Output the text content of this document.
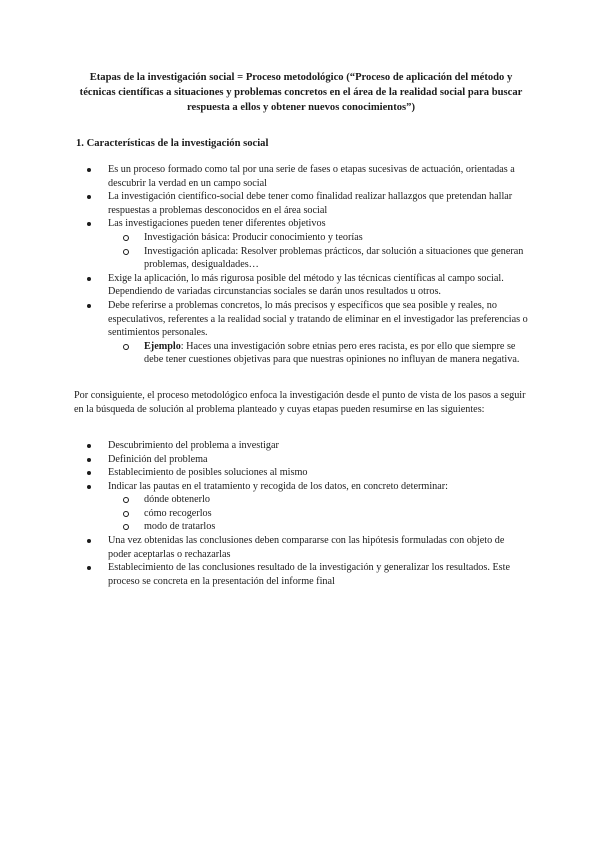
Etapas de la investigación social = Proceso metodológico (“Proceso de aplicación del método y técnicas científicas a situaciones y problemas concretos en el área de la realidad social para buscar respuesta a ellos y obtener nuevos conocimientos”)

1. Características de la investigación social

Es un proceso formado como tal por una serie de fases o etapas sucesivas de actuación, orientadas a descubrir la verdad en un campo social
La investigación científico-social debe tener como finalidad realizar hallazgos que pretendan hallar respuestas a problemas desconocidos en el área social
Las investigaciones pueden tener diferentes objetivos
Investigación básica: Producir conocimiento y teorías
Investigación aplicada: Resolver problemas prácticos, dar solución a situaciones que generan problemas, desigualdades…
Exige la aplicación, lo más rigurosa posible del método y las técnicas científicas al campo social. Dependiendo de variadas circunstancias sociales se darán unos resultados u otros.
Debe referirse a problemas concretos, lo más precisos y específicos que sea posible y reales, no especulativos, referentes a la realidad social y tratando de eliminar en el investigador las preferencias o sentimientos personales.
Ejemplo: Haces una investigación sobre etnias pero eres racista, es por ello que siempre se debe tener cuestiones objetivas para que nuestras opiniones no influyan de manera negativa.

Por consiguiente, el proceso metodológico enfoca la investigación desde el punto de vista de los pasos a seguir en la búsqueda de solución al problema planteado y cuyas etapas pueden resumirse en las siguientes:

Descubrimiento del problema a investigar
Definición del problema
Establecimiento de posibles soluciones al mismo
Indicar las pautas en el tratamiento y recogida de los datos, en concreto determinar:
dónde obtenerlo
cómo recogerlos
modo de tratarlos
Una vez obtenidas las conclusiones deben compararse con las hipótesis formuladas con objeto de poder aceptarlas o rechazarlas
Establecimiento de las conclusiones resultado de la investigación y generalizar los resultados. Este proceso se concreta en la presentación del informe final
